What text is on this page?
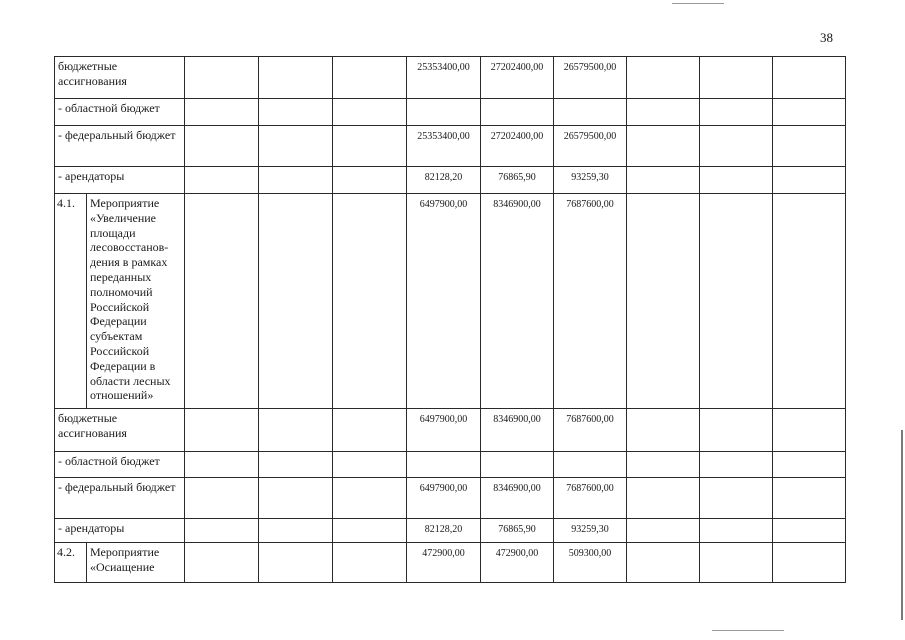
38
бюджетные ассигнования					25353400,00	27202400,00	26579500,00			
- областной бюджет										
- федеральный бюджет					25353400,00	27202400,00	26579500,00			
- арендаторы					82128,20	76865,90	93259,30			
4.1.	Мероприятие «Увеличение площади лесовосстанов-дения в рамках переданных полномочий Российской Федерации субъектам Российской Федерации в области лесных отношений»				6497900,00	8346900,00	7687600,00			
бюджетные ассигнования					6497900,00	8346900,00	7687600,00			
- областной бюджет										
- федеральный бюджет					6497900,00	8346900,00	7687600,00			
- арендаторы					82128,20	76865,90	93259,30			
4.2.	Мероприятие «Осиащение				472900,00	472900,00	509300,00			
